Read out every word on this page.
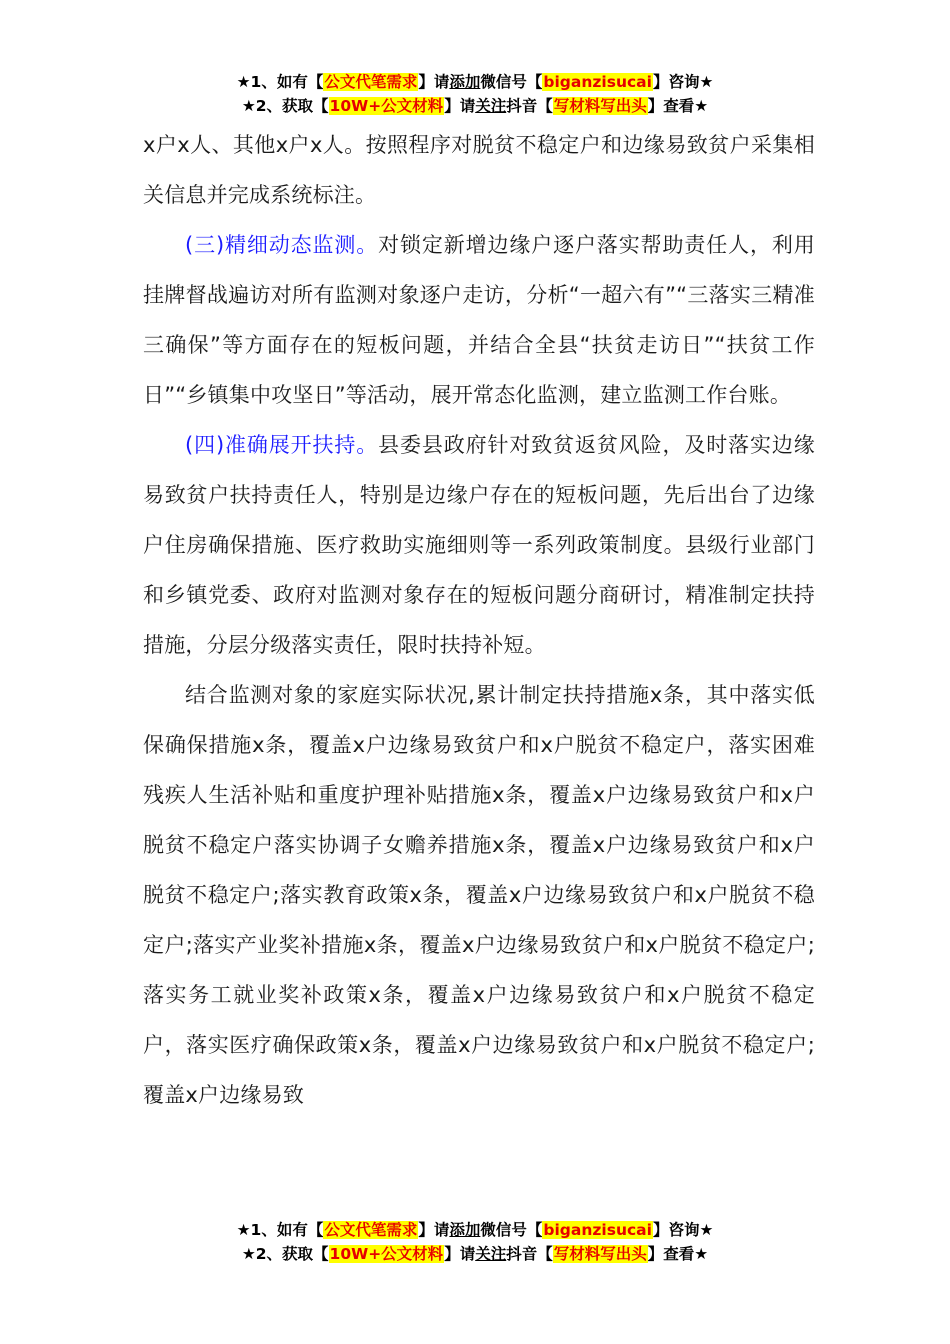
★1、如有【公文代笔需求】请添加微信号【biganzisucai】咨询★
★2、获取【10W+公文材料】请关注抖音【写材料写出头】查看★

x户x人、其他x户x人。按照程序对脱贫不稳定户和边缘易致贫户采集相关信息并完成系统标注。

(三)精细动态监测。对锁定新增边缘户逐户落实帮助责任人，利用挂牌督战遍访对所有监测对象逐户走访，分析“一超六有”“三落实三精准三确保”等方面存在的短板问题，并结合全县“扶贫走访日”“扶贫工作日”“乡镇集中攻坚日”等活动，展开常态化监测，建立监测工作台账。

(四)准确展开扶持。县委县政府针对致贫返贫风险，及时落实边缘易致贫户扶持责任人，特别是边缘户存在的短板问题，先后出台了边缘户住房确保措施、医疗救助实施细则等一系列政策制度。县级行业部门和乡镇党委、政府对监测对象存在的短板问题分商研讨，精准制定扶持措施，分层分级落实责任，限时扶持补短。

结合监测对象的家庭实际状况,累计制定扶持措施x条，其中落实低保确保措施x条，覆盖x户边缘易致贫户和x户脱贫不稳定户，落实困难残疾人生活补贴和重度护理补贴措施x条，覆盖x户边缘易致贫户和x户脱贫不稳定户落实协调子女赡养措施x条，覆盖x户边缘易致贫户和x户脱贫不稳定户;落实教育政策x条，覆盖x户边缘易致贫户和x户脱贫不稳定户;落实产业奖补措施x条，覆盖x户边缘易致贫户和x户脱贫不稳定户;落实务工就业奖补政策x条，覆盖x户边缘易致贫户和x户脱贫不稳定户，落实医疗确保政策x条，覆盖x户边缘易致贫户和x户脱贫不稳定户;覆盖x户边缘易致

★1、如有【公文代笔需求】请添加微信号【biganzisucai】咨询★
★2、获取【10W+公文材料】请关注抖音【写材料写出头】查看★
